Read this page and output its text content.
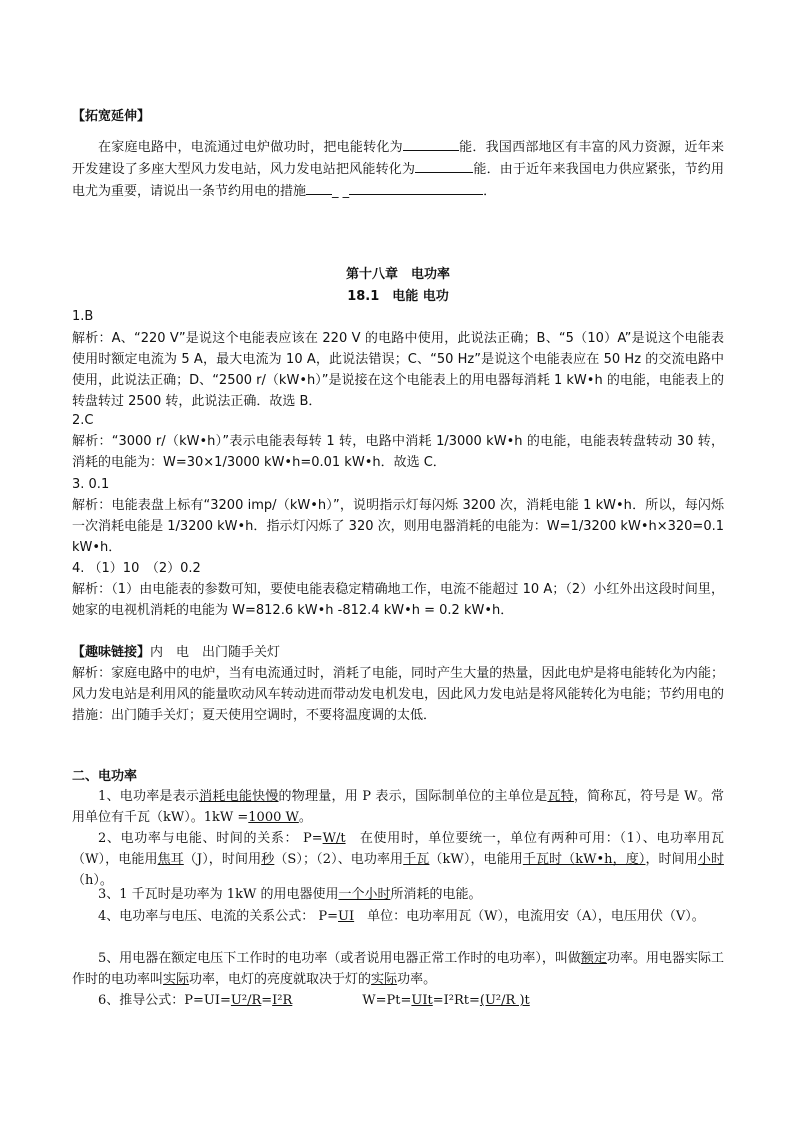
【拓宽延伸】

在家庭电路中，电流通过电炉做功时，把电能转化为	能．我国西部地区有丰富的风力资源，近年来开发建设了多座大型风力发电站，风力发电站把风能转化为	能．由于近年来我国电力供应紧张，节约用电尤为重要，请说出一条节约用电的措施 _ _	．

第十八章　电功率
18.1　电能 电功
1.B

解析：A、“220 V”是说这个电能表应该在 220 V 的电路中使用，此说法正确；B、“5（10）A”是说这个电能表使用时额定电流为 5 A，最大电流为 10 A，此说法错误；C、“50 Hz”是说这个电能表应在 50 Hz 的交流电路中使用，此说法正确；D、“2500 r/（kW•h）”是说接在这个电能表上的用电器每消耗 1 kW•h 的电能，电能表上的转盘转过 2500 转，此说法正确．故选 B．

2.C

解析：“3000 r/（kW•h）”表示电能表每转 1 转，电路中消耗 1/3000 kW•h 的电能，电能表转盘转动 30 转，消耗的电能为：W=30×1/3000 kW•h=0.01 kW•h．故选 C．

3. 0.1

解析：电能表盘上标有“3200 imp/（kW•h）”，说明指示灯每闪烁 3200 次，消耗电能 1 kW•h．所以，每闪烁一次消耗电能是 1/3200 kW•h．指示灯闪烁了 320 次，则用电器消耗的电能为：W=1/3200 kW•h×320=0.1 kW•h．

4. （1）10　（2）0.2

解析：（1）由电能表的参数可知，要使电能表稳定精确地工作，电流不能超过 10 A；（2）小红外出这段时间里，她家的电视机消耗的电能为 W=812.6 kW•h -812.4 kW•h = 0.2 kW•h．

【趣味链接】内　电　出门随手关灯

解析：家庭电路中的电炉，当有电流通过时，消耗了电能，同时产生大量的热量，因此电炉是将电能转化为内能；风力发电站是利用风的能量吹动风车转动进而带动发电机发电，因此风力发电站是将风能转化为电能；节约用电的措施：出门随手关灯；夏天使用空调时，不要将温度调的太低．

二、电功率

1、电功率是表示消耗电能快慢的物理量，用 P 表示，国际制单位的主单位是瓦特，简称瓦，符号是 W。常用单位有千瓦（kW）。1kW =1000 W。

2、电功率与电能、时间的关系： P=W/t　在使用时，单位要统一，单位有两种可用：（1）、电功率用瓦（W），电能用焦耳（J），时间用秒（S）；（2）、电功率用千瓦（kW），电能用千瓦时（kW•h，度），时间用小时（h）。

3、1 千瓦时是功率为 1kW 的用电器使用一个小时所消耗的电能。

4、电功率与电压、电流的关系公式： P=UI　 单位：电功率用瓦（W），电流用安（A），电压用伏（V）。

5、用电器在额定电压下工作时的电功率（或者说用电器正常工作时的电功率），叫做额定功率。用电器实际工作时的电功率叫实际功率，电灯的亮度就取决于灯的实际功率。

6、推导公式：P=UI=U²/R=I²R	W=Pt=UIt=I²Rt=(U²/R )t
